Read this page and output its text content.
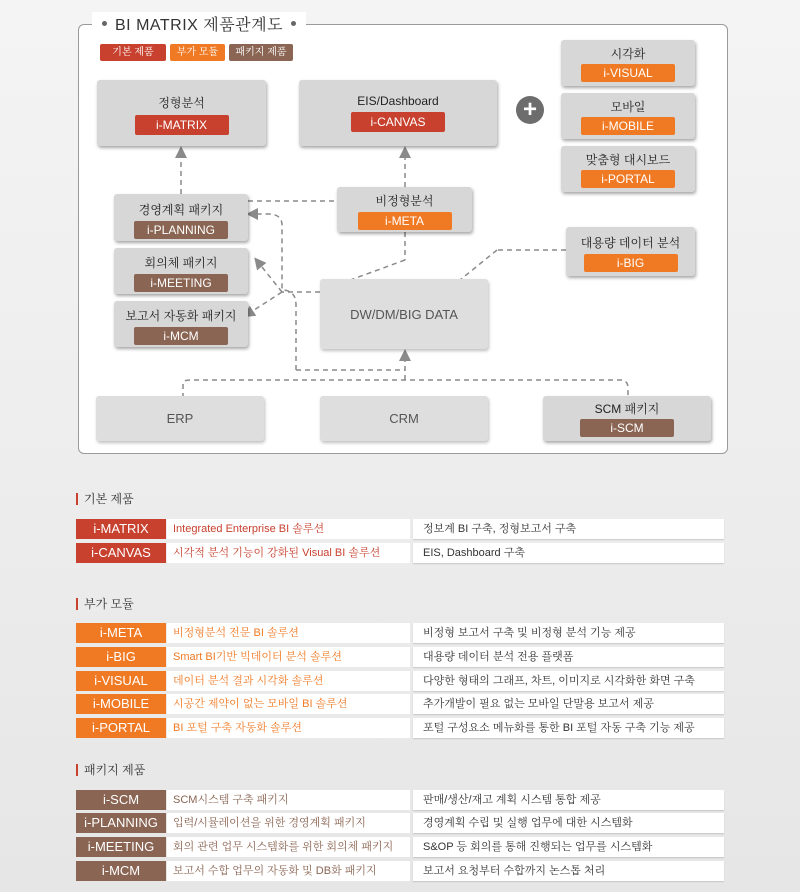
BI MATRIX 제품관계도
기본 제품	부가 모듈	패키지 제품
정형분석
i-MATRIX
EIS/Dashboard
i-CANVAS	+
시각화
i-VISUAL
모바일
i-MOBILE
맞춤형 대시보드
i-PORTAL
경영계획 패키지
i-PLANNING
비정형분석
i-META
대용량 데이터 분석
i-BIG
회의체 패키지
i-MEETING
보고서 자동화 패키지
i-MCM
DW/DM/BIG DATA
ERP	CRM
SCM 패키지
i-SCM
기본 제품
i-MATRIX	Integrated Enterprise BI 솔루션	정보계 BI 구축, 정형보고서 구축
i-CANVAS	시각적 분석 기능이 강화된 Visual BI 솔루션	EIS, Dashboard 구축
부가 모듈
i-META	비정형분석 전문 BI 솔루션	비정형 보고서 구축 및 비정형 분석 기능 제공
i-BIG	Smart BI기반 빅데이터 분석 솔루션	대용량 데이터 분석 전용 플랫폼
i-VISUAL	데이터 분석 결과 시각화 솔루션	다양한 형태의 그래프, 차트, 이미지로 시각화한 화면 구축
i-MOBILE	시공간 제약이 없는 모바일 BI 솔루션	추가개발이 필요 없는 모바일 단말용 보고서 제공
i-PORTAL	BI 포털 구축 자동화 솔루션	포털 구성요소 메뉴화를 통한 BI 포털 자동 구축 기능 제공
패키지 제품
i-SCM	SCM시스템 구축 패키지	판매/생산/재고 계획 시스템 통합 제공
i-PLANNING	입력/시뮬레이션을 위한 경영계획 패키지	경영계획 수립 및 실행 업무에 대한 시스템화
i-MEETING	회의 관련 업무 시스템화를 위한 회의체 패키지	S&OP 등 회의를 통해 진행되는 업무를 시스템화
i-MCM	보고서 수합 업무의 자동화 및 DB화 패키지	보고서 요청부터 수합까지 논스톱 처리
